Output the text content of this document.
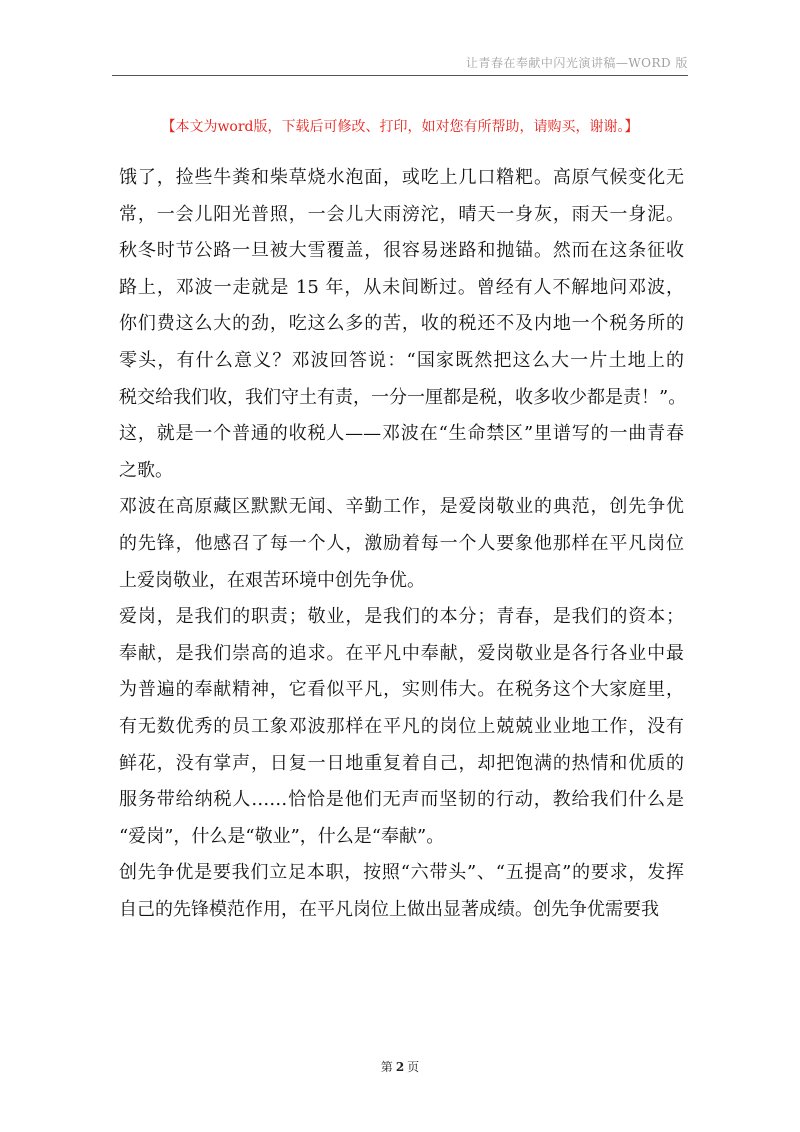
让青春在奉献中闪光演讲稿—WORD 版
【本文为word版，下载后可修改、打印，如对您有所帮助，请购买，谢谢。】
饿了，捡些牛粪和柴草烧水泡面，或吃上几口糌粑。高原气候变化无
常，一会儿阳光普照，一会儿大雨滂沱，晴天一身灰，雨天一身泥。
秋冬时节公路一旦被大雪覆盖，很容易迷路和抛锚。然而在这条征收
路上，邓波一走就是 15 年，从未间断过。曾经有人不解地问邓波，
你们费这么大的劲，吃这么多的苦，收的税还不及内地一个税务所的
零头，有什么意义？邓波回答说：“国家既然把这么大一片土地上的
税交给我们收，我们守土有责，一分一厘都是税，收多收少都是责！”。
这，就是一个普通的收税人——邓波在“生命禁区”里谱写的一曲青春
之歌。
邓波在高原藏区默默无闻、辛勤工作，是爱岗敬业的典范，创先争优
的先锋，他感召了每一个人，激励着每一个人要象他那样在平凡岗位
上爱岗敬业，在艰苦环境中创先争优。
爱岗，是我们的职责；敬业，是我们的本分；青春，是我们的资本；
奉献，是我们崇高的追求。在平凡中奉献，爱岗敬业是各行各业中最
为普遍的奉献精神，它看似平凡，实则伟大。在税务这个大家庭里，
有无数优秀的员工象邓波那样在平凡的岗位上兢兢业业地工作，没有
鲜花，没有掌声，日复一日地重复着自己，却把饱满的热情和优质的
服务带给纳税人……恰恰是他们无声而坚韧的行动，教给我们什么是
“爱岗”，什么是“敬业”，什么是“奉献”。
创先争优是要我们立足本职，按照“六带头”、“五提高”的要求，发挥
自己的先锋模范作用，在平凡岗位上做出显著成绩。创先争优需要我
第 2 页
